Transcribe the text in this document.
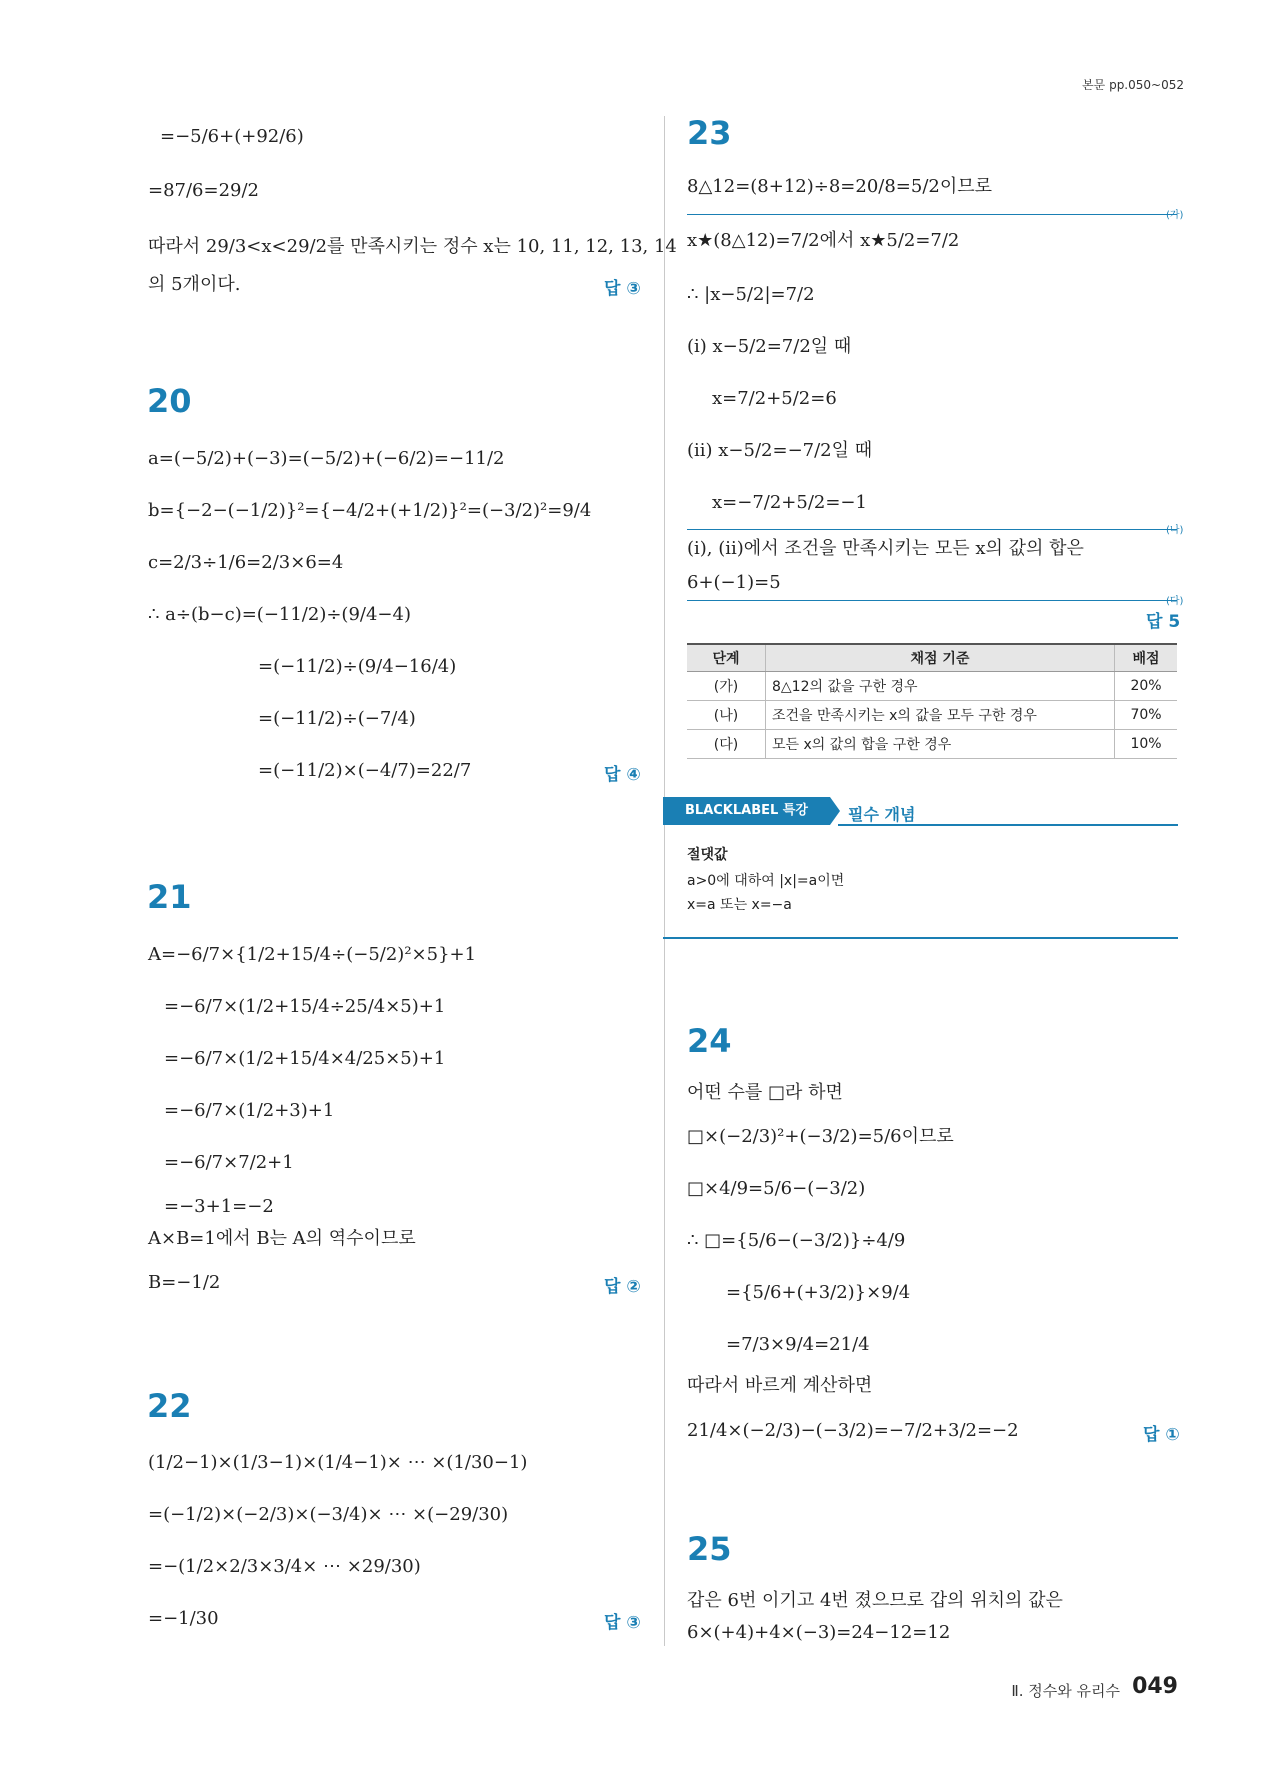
본문 pp.050~052
=−5/6+(+92/6)
=87/6=29/2
따라서 29/3<x<29/2를 만족시키는 정수 x는 10, 11, 12, 13, 14
의 5개이다.	답 ③
20
a=(−5/2)+(−3)=(−5/2)+(−6/2)=−11/2
b={−2−(−1/2)}²={−4/2+(+1/2)}²=(−3/2)²=9/4
c=2/3÷1/6=2/3×6=4
∴ a÷(b−c)=(−11/2)÷(9/4−4)
=(−11/2)÷(9/4−16/4)
=(−11/2)÷(−7/4)
=(−11/2)×(−4/7)=22/7	답 ④
21
A=−6/7×{1/2+15/4÷(−5/2)²×5}+1
=−6/7×(1/2+15/4÷25/4×5)+1
=−6/7×(1/2+15/4×4/25×5)+1
=−6/7×(1/2+3)+1
=−6/7×7/2+1
=−3+1=−2
A×B=1에서 B는 A의 역수이므로
B=−1/2	답 ②
22
(1/2−1)×(1/3−1)×(1/4−1)× ⋯ ×(1/30−1)
=(−1/2)×(−2/3)×(−3/4)× ⋯ ×(−29/30)
=−(1/2×2/3×3/4× ⋯ ×29/30)
=−1/30	답 ③
23
8△12=(8+12)÷8=20/8=5/2이므로
(가)
x★(8△12)=7/2에서 x★5/2=7/2
∴ |x−5/2|=7/2
(ⅰ) x−5/2=7/2일 때
x=7/2+5/2=6
(ⅱ) x−5/2=−7/2일 때
x=−7/2+5/2=−1
(나)
(ⅰ), (ⅱ)에서 조건을 만족시키는 모든 x의 값의 합은
6+(−1)=5
(다)
답 5
단계	채점 기준	배점
(가)	8△12의 값을 구한 경우	20%
(나)	조건을 만족시키는 x의 값을 모두 구한 경우	70%
(다)	모든 x의 값의 합을 구한 경우	10%
BLACKLABEL 특강	필수 개념
절댓값
a>0에 대하여 |x|=a이면
x=a 또는 x=−a
24
어떤 수를 □라 하면
□×(−2/3)²+(−3/2)=5/6이므로
□×4/9=5/6−(−3/2)
∴ □={5/6−(−3/2)}÷4/9
={5/6+(+3/2)}×9/4
=7/3×9/4=21/4
따라서 바르게 계산하면
21/4×(−2/3)−(−3/2)=−7/2+3/2=−2	답 ①
25
갑은 6번 이기고 4번 졌으므로 갑의 위치의 값은
6×(+4)+4×(−3)=24−12=12
Ⅱ. 정수와 유리수 049
